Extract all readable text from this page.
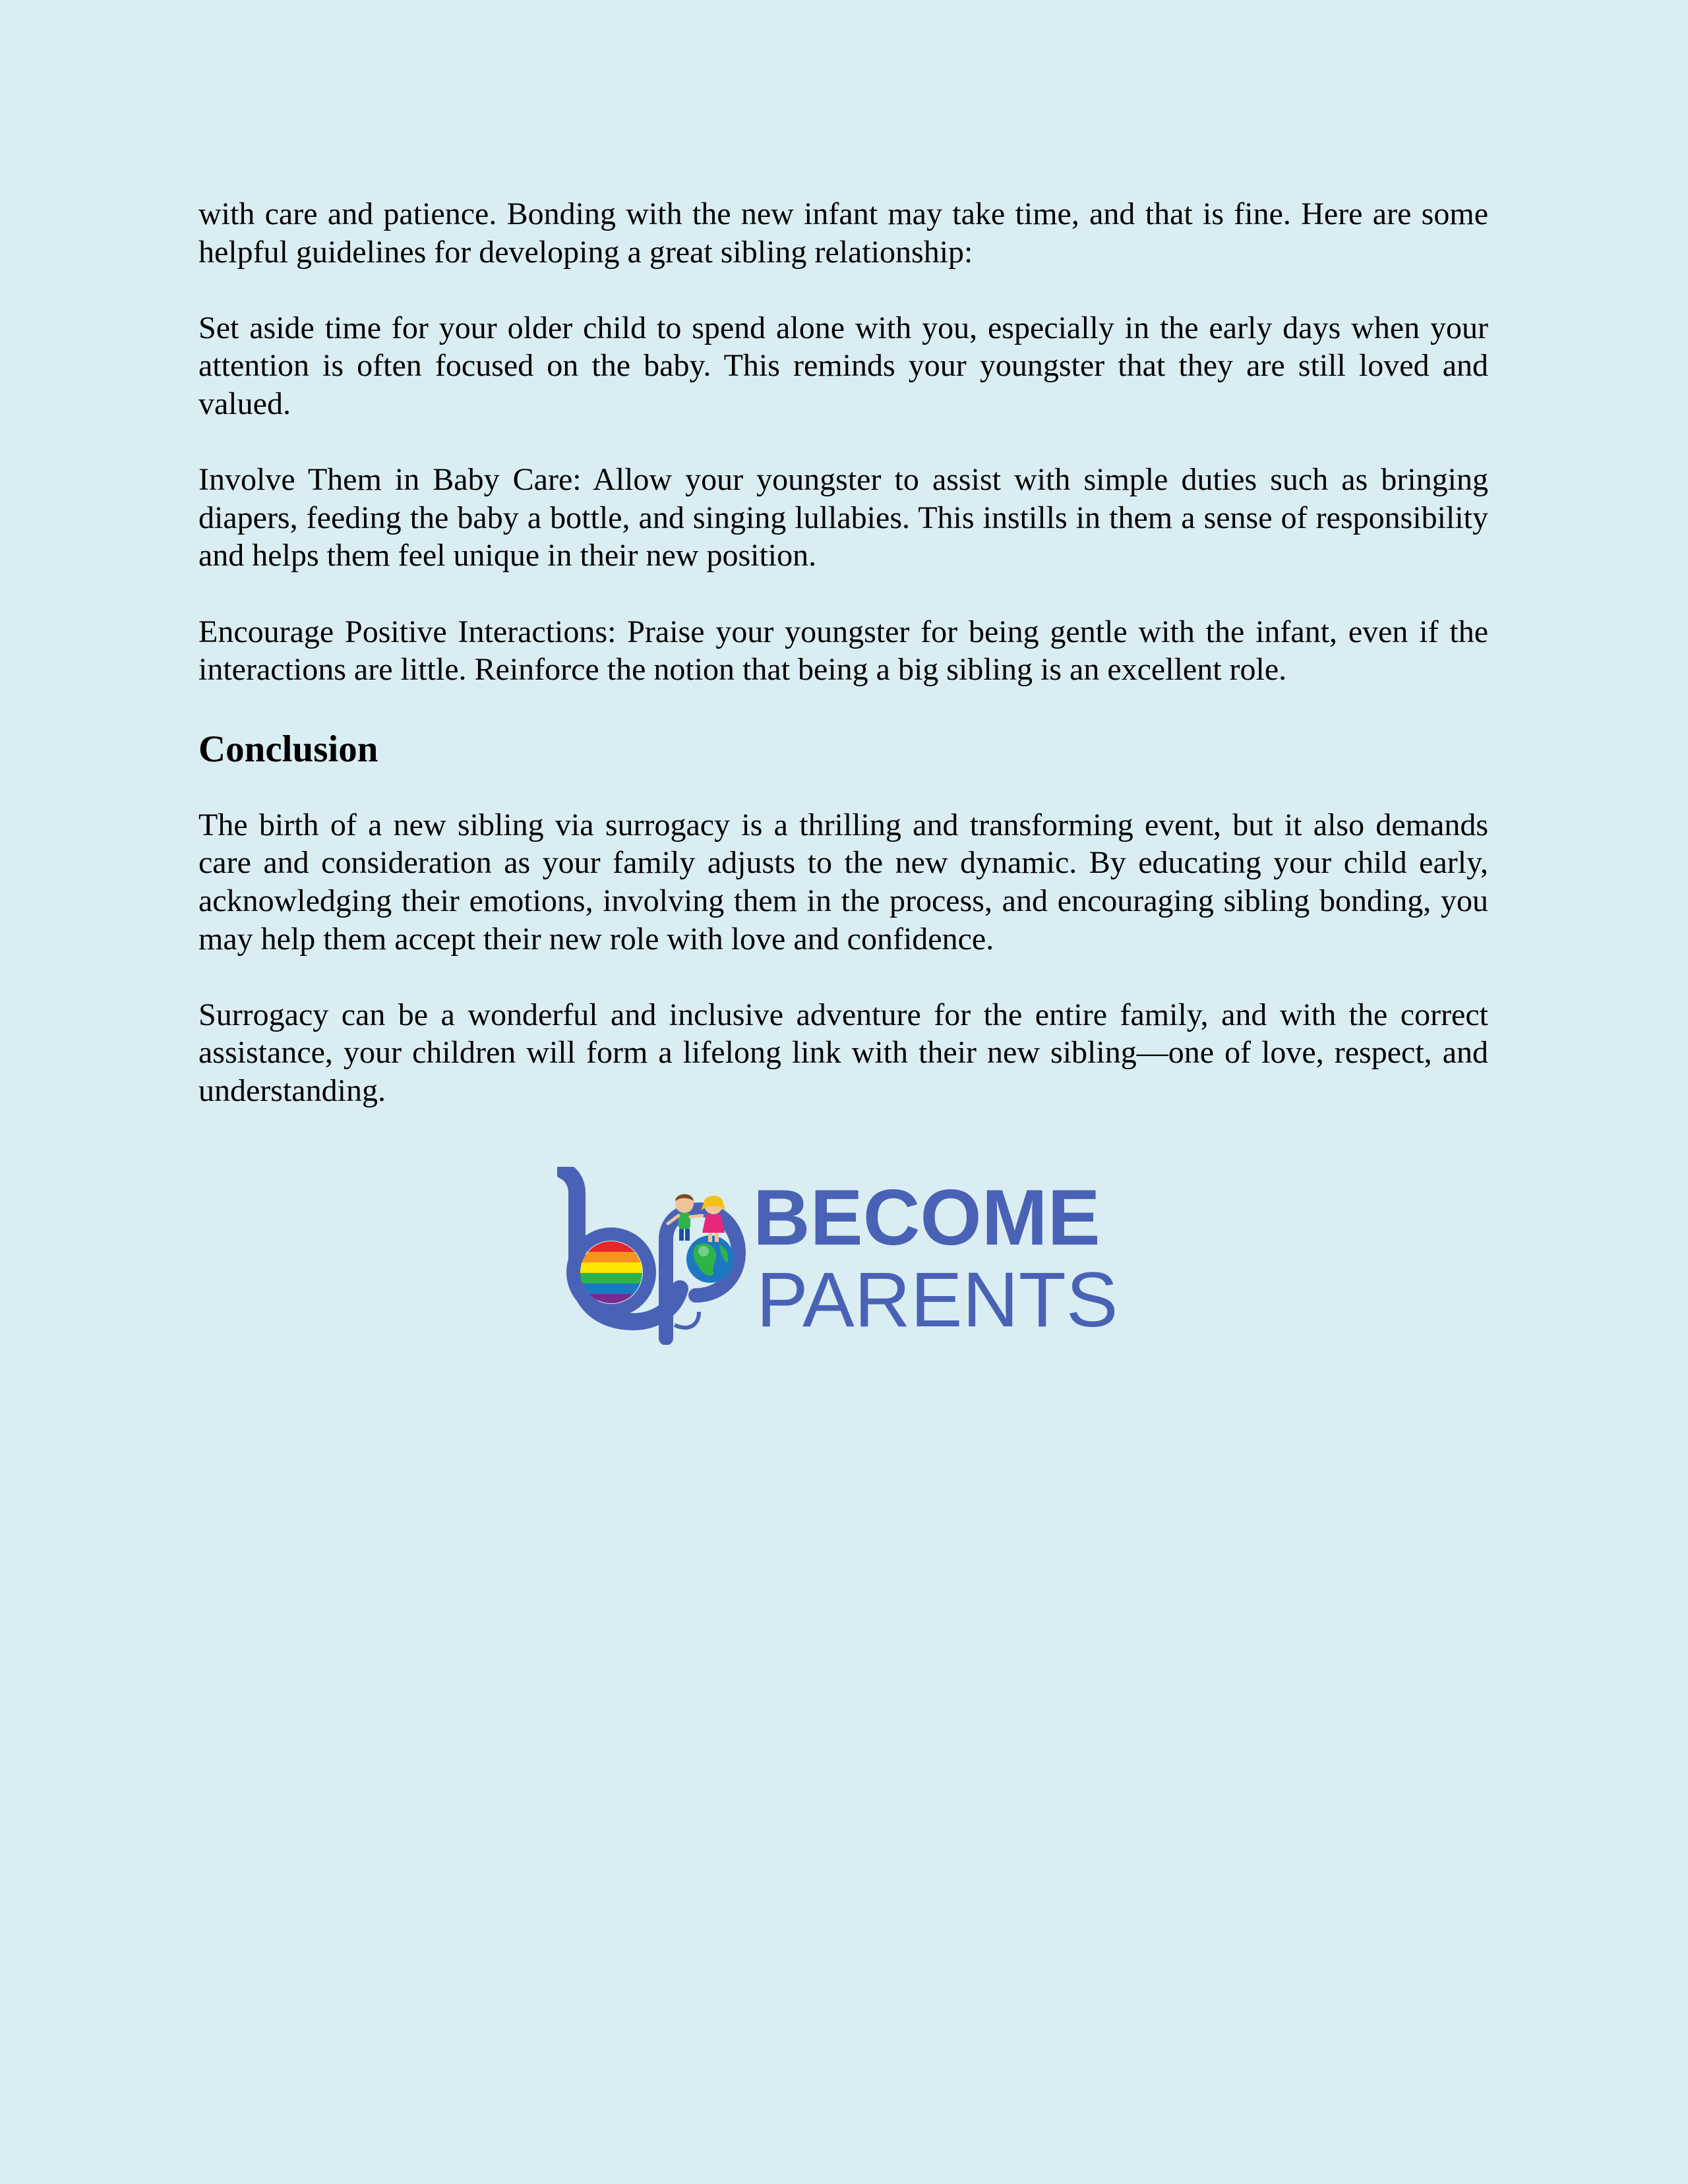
with care and patience. Bonding with the new infant may take time, and that is fine. Here are some helpful guidelines for developing a great sibling relationship:

Set aside time for your older child to spend alone with you, especially in the early days when your attention is often focused on the baby. This reminds your youngster that they are still loved and valued.

Involve Them in Baby Care: Allow your youngster to assist with simple duties such as bringing diapers, feeding the baby a bottle, and singing lullabies. This instills in them a sense of responsibility and helps them feel unique in their new position.

Encourage Positive Interactions: Praise your youngster for being gentle with the infant, even if the interactions are little. Reinforce the notion that being a big sibling is an excellent role.

Conclusion

The birth of a new sibling via surrogacy is a thrilling and transforming event, but it also demands care and consideration as your family adjusts to the new dynamic. By educating your child early, acknowledging their emotions, involving them in the process, and encouraging sibling bonding, you may help them accept their new role with love and confidence.

Surrogacy can be a wonderful and inclusive adventure for the entire family, and with the correct assistance, your children will form a lifelong link with their new sibling—one of love, respect, and understanding.

BECOME
PARENTS
